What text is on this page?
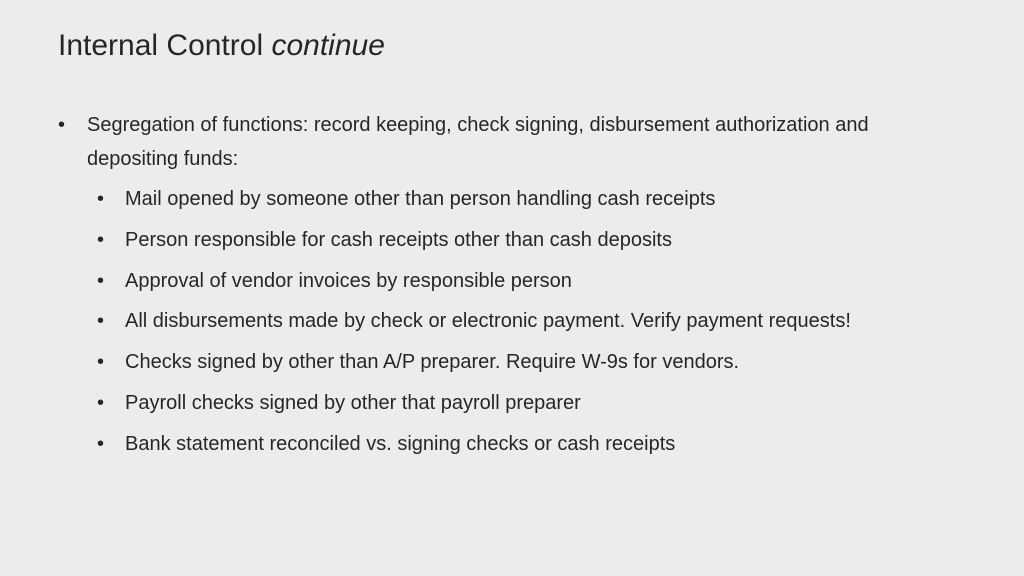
Internal Control continue
•	Segregation of functions: record keeping, check signing, disbursement authorization and depositing funds:
• Mail opened by someone other than person handling cash receipts
• Person responsible for cash receipts other than cash deposits
• Approval of vendor invoices by responsible person
• All disbursements made by check or electronic payment. Verify payment requests!
• Checks signed by other than A/P preparer. Require W-9s for vendors.
• Payroll checks signed by other that payroll preparer
• Bank statement reconciled vs. signing checks or cash receipts
